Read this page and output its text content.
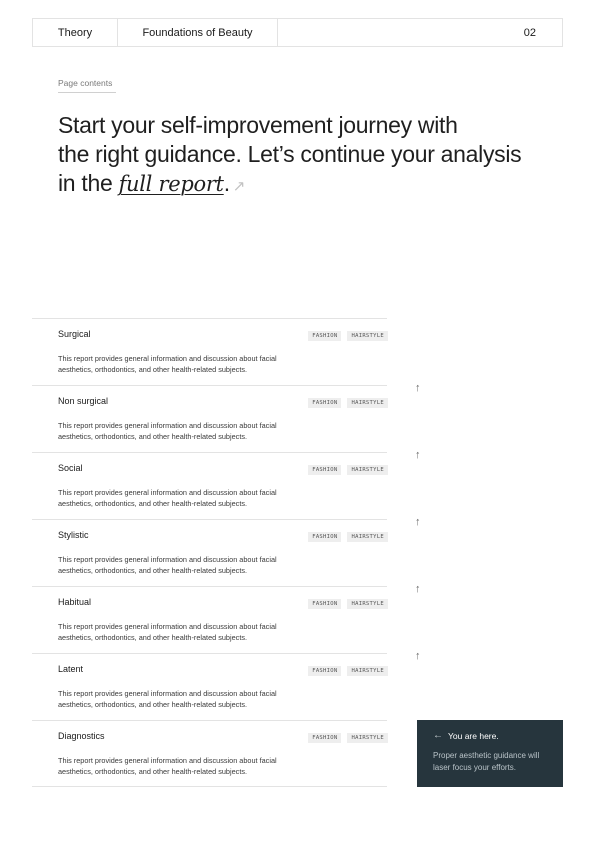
Theory	Foundations of Beauty	02
Page contents
Start your self-improvement journey with
the right guidance. Let’s continue your analysis
in the full report. ↗
Surgical	FASHION	HAIRSTYLE
This report provides general information and discussion about facial aesthetics, orthodontics, and other health-related subjects.
Non surgical	FASHION	HAIRSTYLE
This report provides general information and discussion about facial aesthetics, orthodontics, and other health-related subjects.
Social	FASHION	HAIRSTYLE
This report provides general information and discussion about facial aesthetics, orthodontics, and other health-related subjects.
Stylistic	FASHION	HAIRSTYLE
This report provides general information and discussion about facial aesthetics, orthodontics, and other health-related subjects.
Habitual	FASHION	HAIRSTYLE
This report provides general information and discussion about facial aesthetics, orthodontics, and other health-related subjects.
Latent	FASHION	HAIRSTYLE
This report provides general information and discussion about facial aesthetics, orthodontics, and other health-related subjects.
Diagnostics	FASHION	HAIRSTYLE
This report provides general information and discussion about facial aesthetics, orthodontics, and other health-related subjects.
↑
↑
↑
↑
↑
← You are here.
Proper aesthetic guidance will laser focus your efforts.
